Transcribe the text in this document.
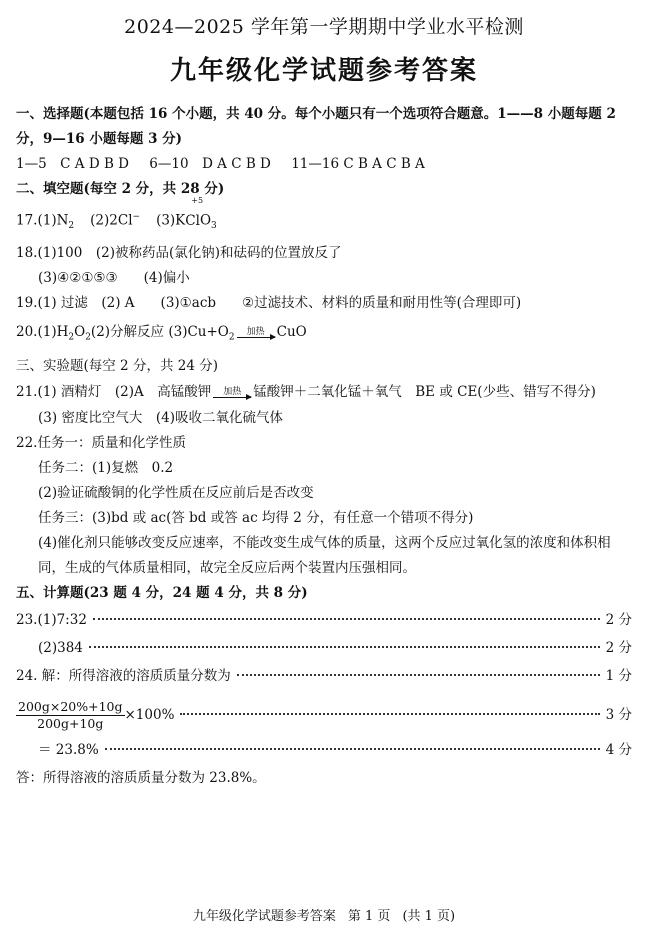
2024—2025 学年第一学期期中学业水平检测
九年级化学试题参考答案
一、选择题(本题包括 16 个小题，共 40 分。每个小题只有一个选项符合题意。1——8 小题每题 2 分，9—16 小题每题 3 分)
1—5　C A D B D 6—10　D A C B D 11—16 C B A C B A
二、填空题(每空 2 分，共 28 分)
$17.(1)N_2$ (2)2Cl− (3)K
+5
ClO$_3$
18.(1)100　(2)被称药品(氯化钠)和砝码的位置放反了
(3)④②①⑤③ (4)偏小
19.(1) 过滤　(2) A (3)①acb ②过滤技术、材料的质量和耐用性等(合理即可)
$20.(1)H_2O_2(2)$分解反应 $(3)Cu+O_2$
加热 CuO
三、实验题(每空 2 分，共 24 分)
21.(1) 酒精灯　(2)A　高锰酸钾 加热 锰酸钾＋二氧化锰＋氧气　BE 或 CE(少些、错写不得分)
(3) 密度比空气大　(4)吸收二氧化硫气体
22.任务一：质量和化学性质
任务二：(1)复燃　0.2
(2)验证硫酸铜的化学性质在反应前后是否改变
任务三：(3)bd 或 ac(答 bd 或答 ac 均得 2 分，有任意一个错项不得分)
(4)催化剂只能够改变反应速率，不能改变生成气体的质量，这两个反应过氧化氢的浓度和体积相同，生成的气体质量相同，故完全反应后两个装置内压强相同。
五、计算题(23 题 4 分，24 题 4 分，共 8 分)
23.(1)7:32	2 分
(2)384	2 分
24. 解：所得溶液的溶质质量分数为	1 分
$\frac{200g\times 20\%+10g}{200g+10g} \times 100\%$	3 分
＝ 23.8%	4 分
答：所得溶液的溶质质量分数为 23.8%。
九年级化学试题参考答案 第 1 页 (共 1 页)
